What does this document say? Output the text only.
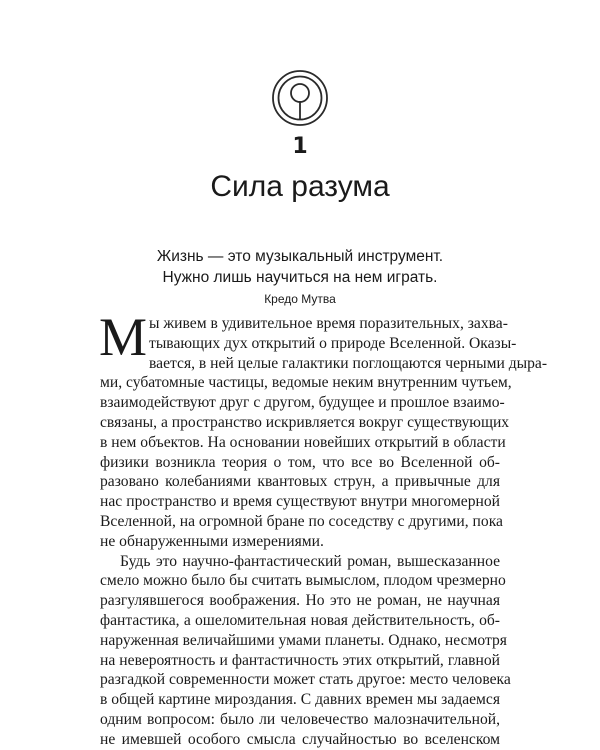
1
Сила разума
Жизнь — это музыкальный инструмент.
Нужно лишь научиться на нем играть.
Кредо Мутва
М ы живем в удивительное время поразительных, захва-
тывающих дух открытий о природе Вселенной. Оказы-
вается, в ней целые галактики поглощаются черными дыра-
ми, субатомные частицы, ведомые неким внутренним чутьем,
взаимодействуют друг с другом, будущее и прошлое взаимо-
связаны, а пространство искривляется вокруг существующих
в нем объектов. На основании новейших открытий в области
физики возникла теория о том, что все во Вселенной об-
разовано колебаниями квантовых струн, а привычные для
нас пространство и время существуют внутри многомерной
Вселенной, на огромной бране по соседству с другими, пока
не обнаруженными измерениями.
Будь это научно-фантастический роман, вышесказанное
смело можно было бы считать вымыслом, плодом чрезмерно
разгулявшегося воображения. Но это не роман, не научная
фантастика, а ошеломительная новая действительность, об-
наруженная величайшими умами планеты. Однако, несмотря
на невероятность и фантастичность этих открытий, главной
разгадкой современности может стать другое: место человека
в общей картине мироздания. С давних времен мы задаемся
одним вопросом: было ли человечество малозначительной,
не имевшей особого смысла случайностью во вселенском
